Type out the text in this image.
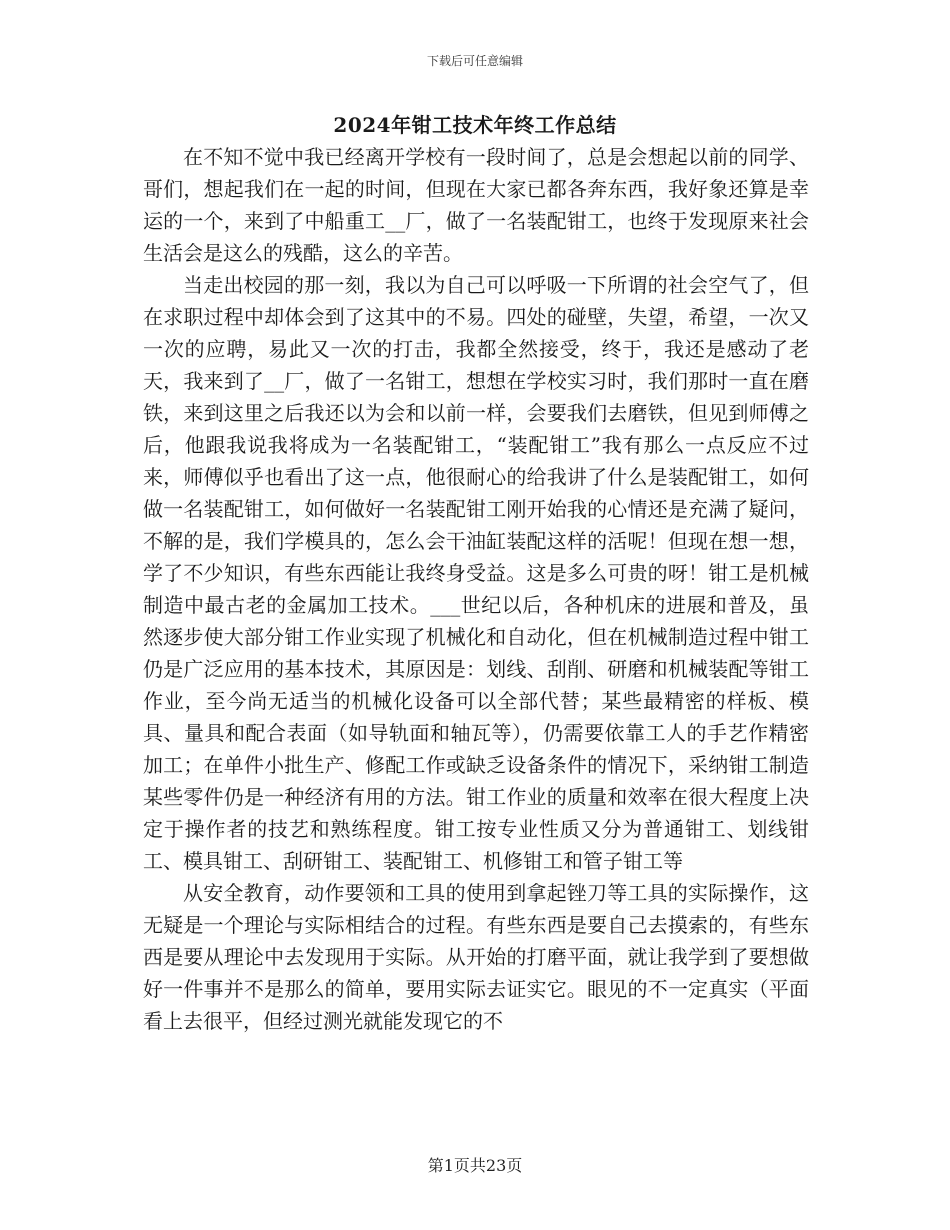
下载后可任意编辑
2024年钳工技术年终工作总结

在不知不觉中我已经离开学校有一段时间了，总是会想起以前的同学、哥们，想起我们在一起的时间，但现在大家已都各奔东西，我好象还算是幸运的一个，来到了中船重工__厂，做了一名装配钳工，也终于发现原来社会生活会是这么的残酷，这么的辛苦。

当走出校园的那一刻，我以为自己可以呼吸一下所谓的社会空气了，但在求职过程中却体会到了这其中的不易。四处的碰壁，失望，希望，一次又一次的应聘，易此又一次的打击，我都全然接受，终于，我还是感动了老天，我来到了__厂，做了一名钳工，想想在学校实习时，我们那时一直在磨铁，来到这里之后我还以为会和以前一样，会要我们去磨铁，但见到师傅之后，他跟我说我将成为一名装配钳工，“装配钳工”我有那么一点反应不过来，师傅似乎也看出了这一点，他很耐心的给我讲了什么是装配钳工，如何做一名装配钳工，如何做好一名装配钳工刚开始我的心情还是充满了疑问，不解的是，我们学模具的，怎么会干油缸装配这样的活呢！但现在想一想，学了不少知识，有些东西能让我终身受益。这是多么可贵的呀！钳工是机械制造中最古老的金属加工技术。___世纪以后，各种机床的进展和普及，虽然逐步使大部分钳工作业实现了机械化和自动化，但在机械制造过程中钳工仍是广泛应用的基本技术，其原因是：划线、刮削、研磨和机械装配等钳工作业，至今尚无适当的机械化设备可以全部代替；某些最精密的样板、模具、量具和配合表面（如导轨面和轴瓦等），仍需要依靠工人的手艺作精密加工；在单件小批生产、修配工作或缺乏设备条件的情况下，采纳钳工制造某些零件仍是一种经济有用的方法。钳工作业的质量和效率在很大程度上决定于操作者的技艺和熟练程度。钳工按专业性质又分为普通钳工、划线钳工、模具钳工、刮研钳工、装配钳工、机修钳工和管子钳工等

从安全教育，动作要领和工具的使用到拿起锉刀等工具的实际操作，这无疑是一个理论与实际相结合的过程。有些东西是要自己去摸索的，有些东西是要从理论中去发现用于实际。从开始的打磨平面，就让我学到了要想做好一件事并不是那么的简单，要用实际去证实它。眼见的不一定真实（平面看上去很平，但经过测光就能发现它的不

第1页共23页
